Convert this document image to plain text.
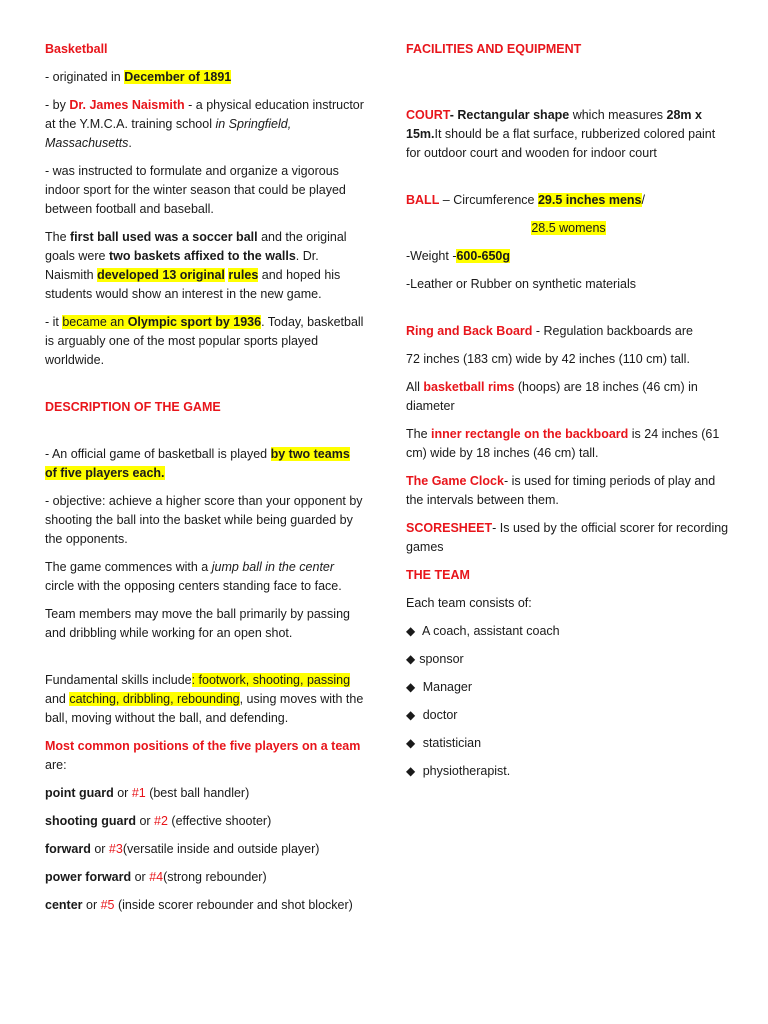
Basketball

- originated in December of 1891

- by Dr. James Naismith - a physical education instructor at the Y.M.C.A. training school in Springfield, Massachusetts.

- was instructed to formulate and organize a vigorous indoor sport for the winter season that could be played between football and baseball.

The first ball used was a soccer ball and the original goals were two baskets affixed to the walls. Dr. Naismith developed 13 original rules and hoped his students would show an interest in the new game.

- it became an Olympic sport by 1936. Today, basketball is arguably one of the most popular sports played worldwide.

DESCRIPTION OF THE GAME

- An official game of basketball is played by two teams of five players each.

- objective: achieve a higher score than your opponent by shooting the ball into the basket while being guarded by the opponents.

The game commences with a jump ball in the center circle with the opposing centers standing face to face.

Team members may move the ball primarily by passing and dribbling while working for an open shot.

Fundamental skills include: footwork, shooting, passing and catching, dribbling, rebounding, using moves with the ball, moving without the ball, and defending.

Most common positions of the five players on a team are:

point guard or #1 (best ball handler)

shooting guard or #2 (effective shooter)

forward or #3(versatile inside and outside player)

power forward or #4(strong rebounder)

center or #5 (inside scorer rebounder and shot blocker)

FACILITIES AND EQUIPMENT

COURT- Rectangular shape which measures 28m x 15m.It should be a flat surface, rubberized colored paint for outdoor court and wooden for indoor court

BALL – Circumference 29.5 inches mens/

28.5 womens

-Weight -600-650g

-Leather or Rubber on synthetic materials

Ring and Back Board - Regulation backboards are

72 inches (183 cm) wide by 42 inches (110 cm) tall.

All basketball rims (hoops) are 18 inches (46 cm) in diameter

The inner rectangle on the backboard is 24 inches (61 cm) wide by 18 inches (46 cm) tall.

The Game Clock- is used for timing periods of play and the intervals between them.

SCORESHEET- Is used by the official scorer for recording games

THE TEAM

Each team consists of:

◆ A coach, assistant coach

◆ sponsor

◆ Manager

◆ doctor

◆ statistician

◆ physiotherapist.
